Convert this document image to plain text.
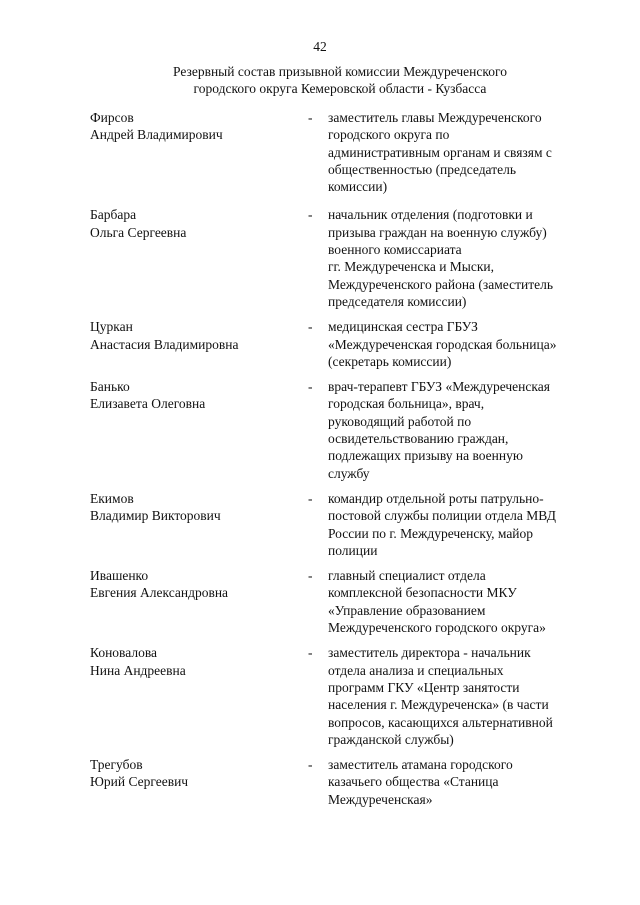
42
Резервный состав призывной комиссии Междуреченского
городского округа Кемеровской области - Кузбасса
Фирсов
Андрей Владимирович
-	заместитель главы Междуреченского
городского округа по
административным органам и связям с
общественностью (председатель
комиссии)
Барбара
Ольга Сергеевна
-	начальник отделения (подготовки и
призыва граждан на военную службу)
военного комиссариата
гг. Междуреченска и Мыски,
Междуреченского района (заместитель
председателя комиссии)
Цуркан
Анастасия Владимировна
-	медицинская сестра ГБУЗ
«Междуреченская городская больница»
(секретарь комиссии)
Банько
Елизавета Олеговна
-	врач-терапевт ГБУЗ «Междуреченская
городская больница», врач,
руководящий работой по
освидетельствованию граждан,
подлежащих призыву на военную
службу
Екимов
Владимир Викторович
-	командир отдельной роты патрульно-
постовой службы полиции отдела МВД
России по г. Междуреченску, майор
полиции
Ивашенко
Евгения Александровна
-	главный специалист отдела
комплексной безопасности МКУ
«Управление образованием
Междуреченского городского округа»
Коновалова
Нина Андреевна
-	заместитель директора - начальник
отдела анализа и специальных
программ ГКУ «Центр занятости
населения г. Междуреченска» (в части
вопросов, касающихся альтернативной
гражданской службы)
Трегубов
Юрий Сергеевич
-	заместитель атамана городского
казачьего общества «Станица
Междуреченская»
